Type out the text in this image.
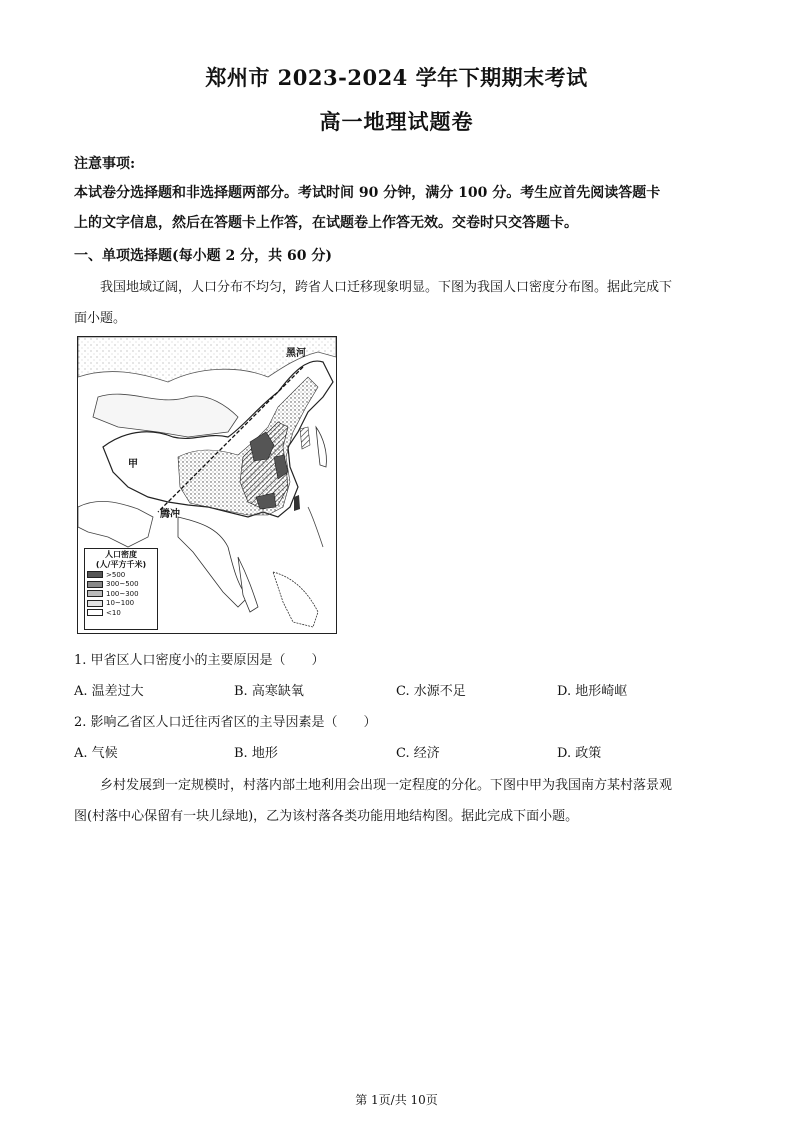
郑州市 2023-2024 学年下期期末考试
高一地理试题卷
注意事项:
本试卷分选择题和非选择题两部分。考试时间 90 分钟，满分 100 分。考生应首先阅读答题卡
上的文字信息，然后在答题卡上作答，在试题卷上作答无效。交卷时只交答题卡。
一、单项选择题(每小题 2 分，共 60 分)
我国地域辽阔，人口分布不均匀，跨省人口迁移现象明显。下图为我国人口密度分布图。据此完成下
面小题。
黑河
甲
腾冲
人口密度
(人/平方千米)
>500
300~500
100~300
10~100
<10
1. 甲省区人口密度小的主要原因是（　　）
A. 温差过大	B. 高寒缺氧	C. 水源不足	D. 地形崎岖
2. 影响乙省区人口迁往丙省区的主导因素是（　　）
A. 气候	B. 地形	C. 经济	D. 政策
乡村发展到一定规模时，村落内部土地利用会出现一定程度的分化。下图中甲为我国南方某村落景观
图(村落中心保留有一块儿绿地)，乙为该村落各类功能用地结构图。据此完成下面小题。
第 1页/共 10页
